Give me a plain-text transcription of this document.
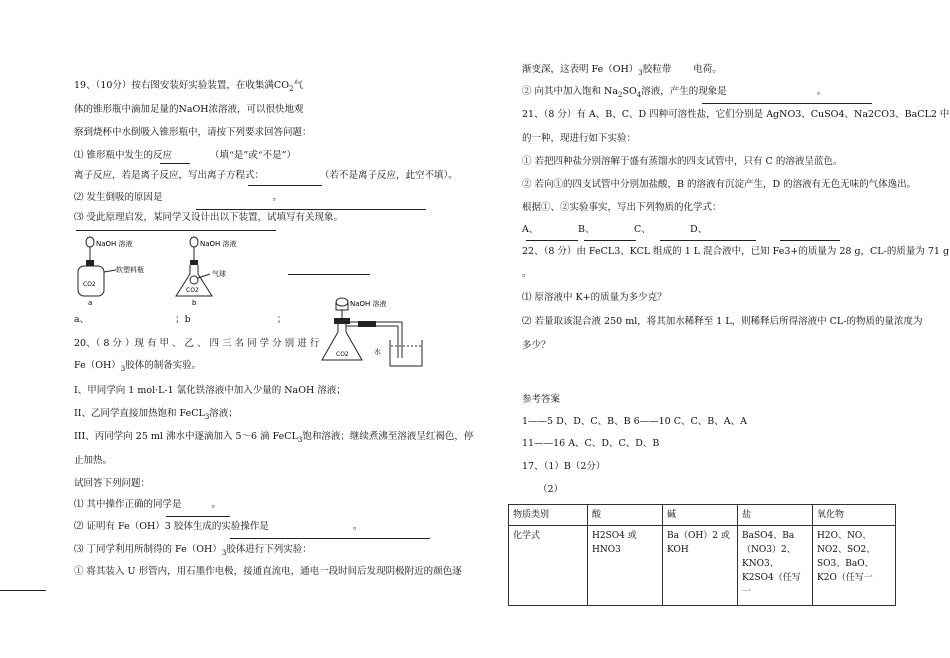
19、（10分）按右图安装好实验装置，在收集满$CO_2$气
体的锥形瓶中滴加足量的NaOH浓溶液，可以很快地观
察到烧杯中水倒吸入锥形瓶中，请按下列要求回答问题：
⑴ 锥形瓶中发生的反应	（填“是”或“不是”）
离子反应，若是离子反应，写出离子方程式：	（若不是离子反应，此空不填）。
⑵ 发生倒吸的原因是	。
⑶ 受此原理启发，某同学又设计出以下装置，试填写有关现象。
CO2
NaOH 溶液
软塑料瓶
a
CO2
NaOH 溶液
气球
b
a、	；b	；
CO2
NaOH 溶液
水
20、（ 8 分 ）现 有 甲 、 乙 、 四 三 名 同 学 分 别 进 行
$Fe(OH)_3$胶体的制备实验。
I、甲同学向 1 mol·L-1 氯化铁溶液中加入少量的 NaOH 溶液；
II、乙同学直接加热饱和 FeCL$_3$溶液；
III、丙同学向 25 ml 沸水中逐滴加入 5～6 滴 FeCL$_3$饱和溶液；继续煮沸至溶液呈红褐色，停
止加热。
试回答下列问题：
⑴ 其中操作正确的同学是	。
⑵ 证明有 Fe（OH）3 胶体生成的实验操作是	。
⑶ 丁同学利用所制得的 $Fe(OH)_3$胶体进行下列实验：
① 将其装入 U 形管内，用石墨作电极，接通直流电，通电一段时间后发现阴极附近的颜色逐
渐变深，这表明 $Fe(OH)_3$胶粒带 电荷。
② 向其中加入饱和 $Na_2SO_4$溶液，产生的现象是	。
21、（8 分）有 A、B、C、D 四种可溶性盐，它们分别是 AgNO3、CuSO4、Na2CO3、BaCL2 中
的一种，现进行如下实验：
① 若把四种盐分别溶解于盛有蒸馏水的四支试管中，只有 C 的溶液呈蓝色。
② 若向①的四支试管中分别加盐酸，B 的溶液有沉淀产生，D 的溶液有无色无味的气体逸出。
根据①、②实验事实，写出下列物质的化学式：
A、	B、	C、	D、
22、（8 分）由 FeCL3、KCL 组成的 1 L 混合液中，已知 Fe3+的质量为 28 g，CL-的质量为 71 g
。
⑴ 原溶液中 K+的质量为多少克？
⑵ 若量取该混合液 250 ml，将其加水稀释至 1 L，则稀释后所得溶液中 CL-的物质的量浓度为
多少？
参考答案
1——5 D、D、C、B、B 6——10 C、C、B、A、A
11——16 A、C、D、C、D、B
17、（1）B（2分）
（2）
物质类别	酸	碱	盐	氧化物
化学式	H2SO4 或 HNO3	Ba（OH）2 或 KOH	BaSO4、Ba（NO3）2、KNO3、K2SO4（任写一	H2O、NO、NO2、SO2、SO3、BaO、K2O（任写一
